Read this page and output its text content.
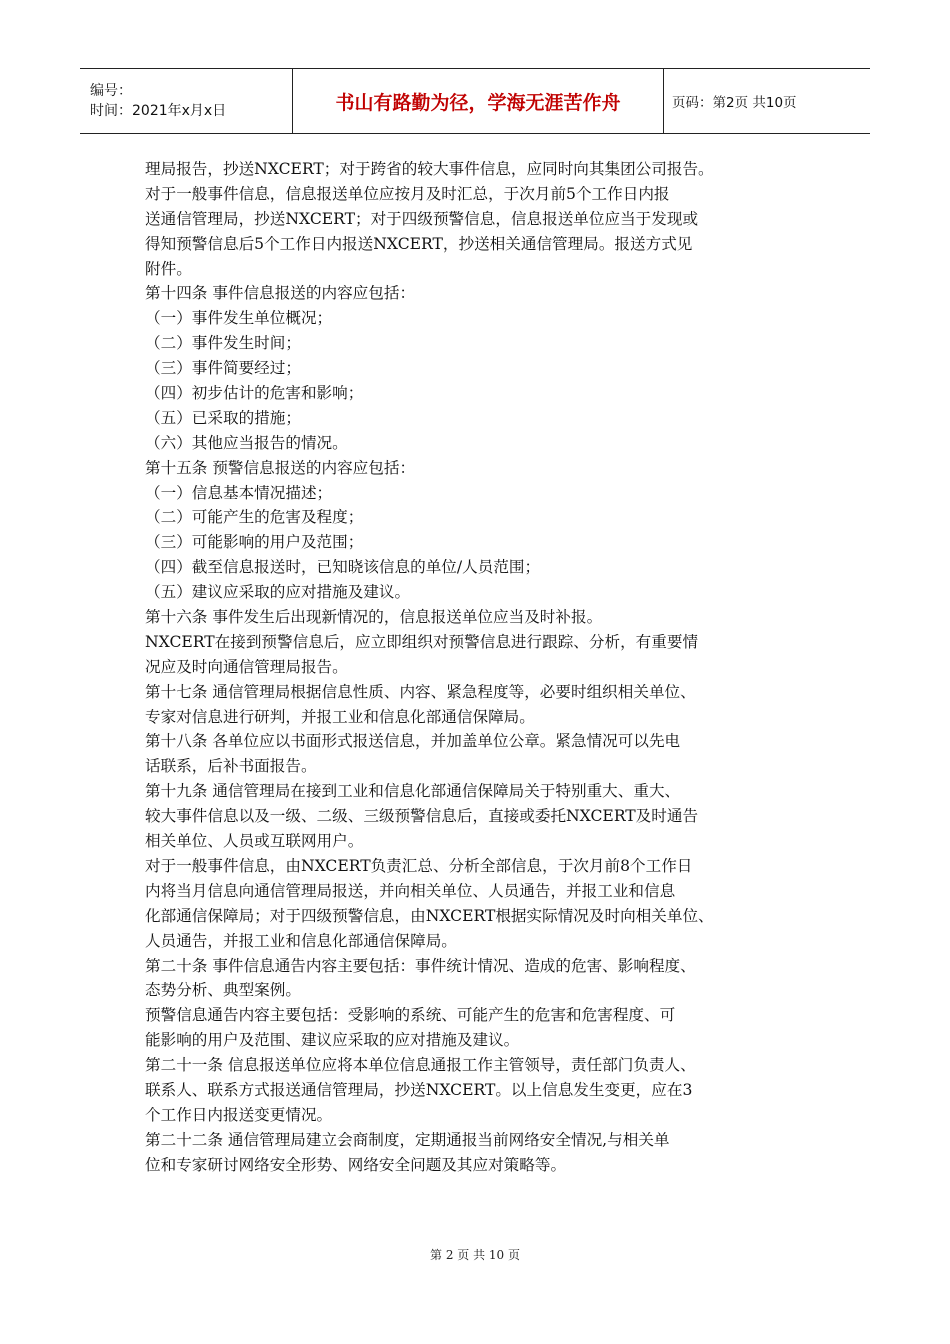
编号：
时间：2021年x月x日	书山有路勤为径，学海无涯苦作舟	页码：第2页 共10页
理局报告，抄送NXCERT；对于跨省的较大事件信息，应同时向其集团公司报告。
对于一般事件信息，信息报送单位应按月及时汇总，于次月前5个工作日内报
送通信管理局，抄送NXCERT；对于四级预警信息，信息报送单位应当于发现或
得知预警信息后5个工作日内报送NXCERT，抄送相关通信管理局。报送方式见
附件。
第十四条 事件信息报送的内容应包括：
（一）事件发生单位概况；
（二）事件发生时间；
（三）事件简要经过；
（四）初步估计的危害和影响；
（五）已采取的措施；
（六）其他应当报告的情况。
第十五条 预警信息报送的内容应包括：
（一）信息基本情况描述；
（二）可能产生的危害及程度；
（三）可能影响的用户及范围；
（四）截至信息报送时，已知晓该信息的单位/人员范围；
（五）建议应采取的应对措施及建议。
第十六条 事件发生后出现新情况的，信息报送单位应当及时补报。
NXCERT在接到预警信息后，应立即组织对预警信息进行跟踪、分析，有重要情
况应及时向通信管理局报告。
第十七条 通信管理局根据信息性质、内容、紧急程度等，必要时组织相关单位、
专家对信息进行研判，并报工业和信息化部通信保障局。
第十八条 各单位应以书面形式报送信息，并加盖单位公章。紧急情况可以先电
话联系，后补书面报告。
第十九条 通信管理局在接到工业和信息化部通信保障局关于特别重大、重大、
较大事件信息以及一级、二级、三级预警信息后，直接或委托NXCERT及时通告
相关单位、人员或互联网用户。
对于一般事件信息，由NXCERT负责汇总、分析全部信息，于次月前8个工作日
内将当月信息向通信管理局报送，并向相关单位、人员通告，并报工业和信息
化部通信保障局；对于四级预警信息，由NXCERT根据实际情况及时向相关单位、
人员通告，并报工业和信息化部通信保障局。
第二十条 事件信息通告内容主要包括：事件统计情况、造成的危害、影响程度、
态势分析、典型案例。
预警信息通告内容主要包括：受影响的系统、可能产生的危害和危害程度、可
能影响的用户及范围、建议应采取的应对措施及建议。
第二十一条 信息报送单位应将本单位信息通报工作主管领导，责任部门负责人、
联系人、联系方式报送通信管理局，抄送NXCERT。以上信息发生变更，应在3
个工作日内报送变更情况。
第二十二条 通信管理局建立会商制度，定期通报当前网络安全情况,与相关单
位和专家研讨网络安全形势、网络安全问题及其应对策略等。
第 2 页 共 10 页
